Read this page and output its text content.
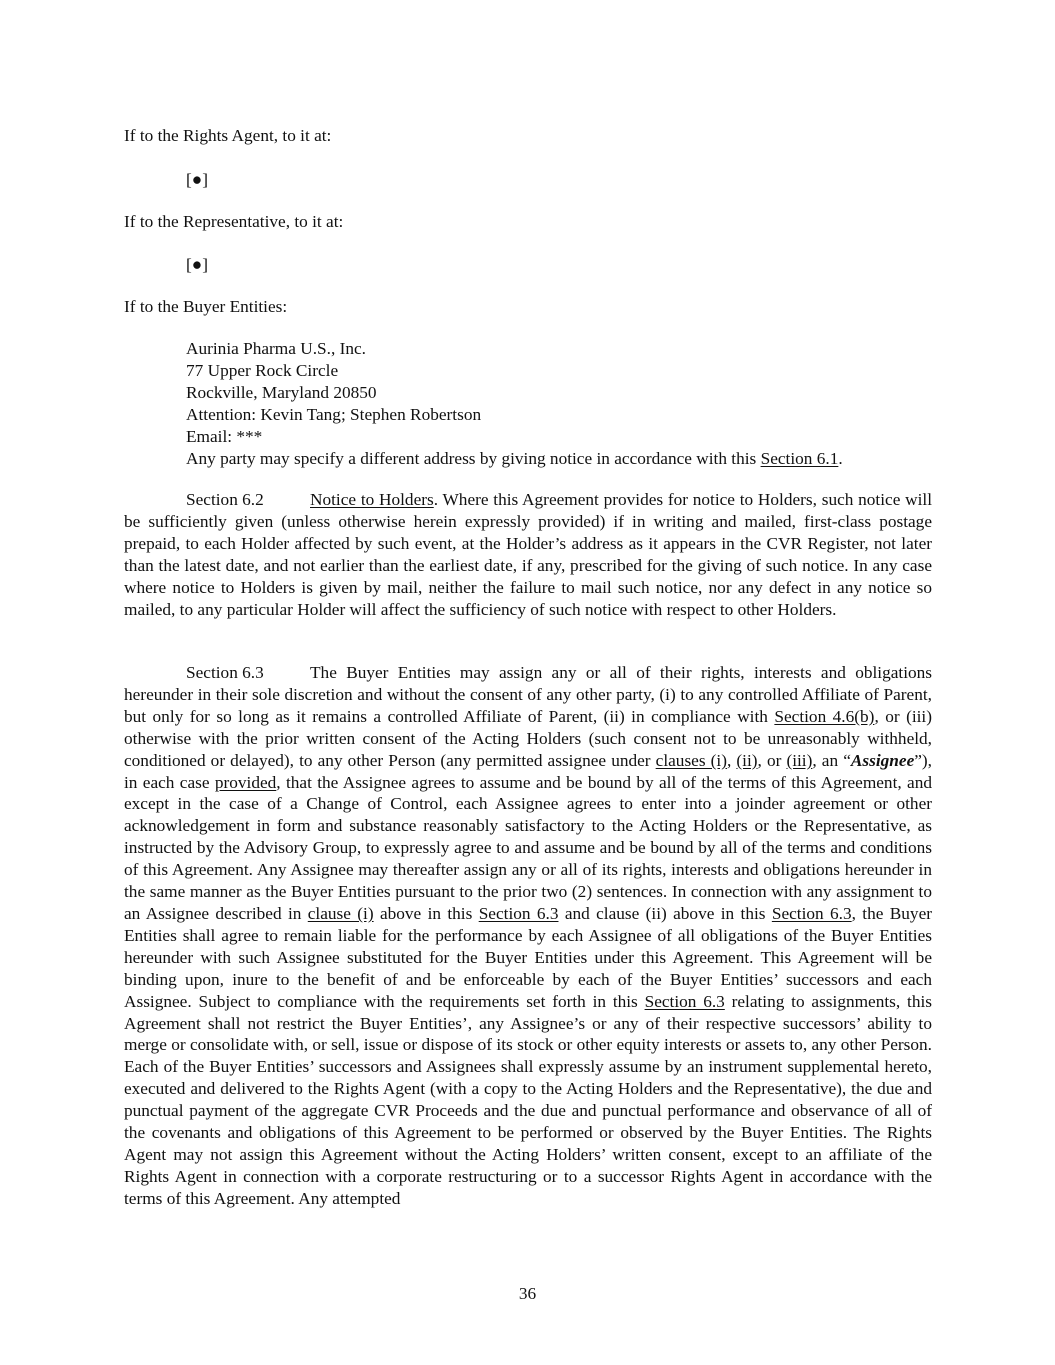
If to the Rights Agent, to it at:
[●]
If to the Representative, to it at:
[●]
If to the Buyer Entities:
Aurinia Pharma U.S., Inc.
77 Upper Rock Circle
Rockville, Maryland 20850
Attention: Kevin Tang; Stephen Robertson
Email: ***
Any party may specify a different address by giving notice in accordance with this Section 6.1.
Section 6.2	Notice to Holders. Where this Agreement provides for notice to Holders, such notice will be sufficiently given (unless otherwise herein expressly provided) if in writing and mailed, first-class postage prepaid, to each Holder affected by such event, at the Holder’s address as it appears in the CVR Register, not later than the latest date, and not earlier than the earliest date, if any, prescribed for the giving of such notice. In any case where notice to Holders is given by mail, neither the failure to mail such notice, nor any defect in any notice so mailed, to any particular Holder will affect the sufficiency of such notice with respect to other Holders.
Section 6.3	The Buyer Entities may assign any or all of their rights, interests and obligations hereunder in their sole discretion and without the consent of any other party, (i) to any controlled Affiliate of Parent, but only for so long as it remains a controlled Affiliate of Parent, (ii) in compliance with Section 4.6(b), or (iii) otherwise with the prior written consent of the Acting Holders (such consent not to be unreasonably withheld, conditioned or delayed), to any other Person (any permitted assignee under clauses (i), (ii), or (iii), an “Assignee”), in each case provided, that the Assignee agrees to assume and be bound by all of the terms of this Agreement, and except in the case of a Change of Control, each Assignee agrees to enter into a joinder agreement or other acknowledgement in form and substance reasonably satisfactory to the Acting Holders or the Representative, as instructed by the Advisory Group, to expressly agree to and assume and be bound by all of the terms and conditions of this Agreement. Any Assignee may thereafter assign any or all of its rights, interests and obligations hereunder in the same manner as the Buyer Entities pursuant to the prior two (2) sentences. In connection with any assignment to an Assignee described in clause (i) above in this Section 6.3 and clause (ii) above in this Section 6.3, the Buyer Entities shall agree to remain liable for the performance by each Assignee of all obligations of the Buyer Entities hereunder with such Assignee substituted for the Buyer Entities under this Agreement. This Agreement will be binding upon, inure to the benefit of and be enforceable by each of the Buyer Entities’ successors and each Assignee. Subject to compliance with the requirements set forth in this Section 6.3 relating to assignments, this Agreement shall not restrict the Buyer Entities’, any Assignee’s or any of their respective successors’ ability to merge or consolidate with, or sell, issue or dispose of its stock or other equity interests or assets to, any other Person. Each of the Buyer Entities’ successors and Assignees shall expressly assume by an instrument supplemental hereto, executed and delivered to the Rights Agent (with a copy to the Acting Holders and the Representative), the due and punctual payment of the aggregate CVR Proceeds and the due and punctual performance and observance of all of the covenants and obligations of this Agreement to be performed or observed by the Buyer Entities. The Rights Agent may not assign this Agreement without the Acting Holders’ written consent, except to an affiliate of the Rights Agent in connection with a corporate restructuring or to a successor Rights Agent in accordance with the terms of this Agreement. Any attempted
36
